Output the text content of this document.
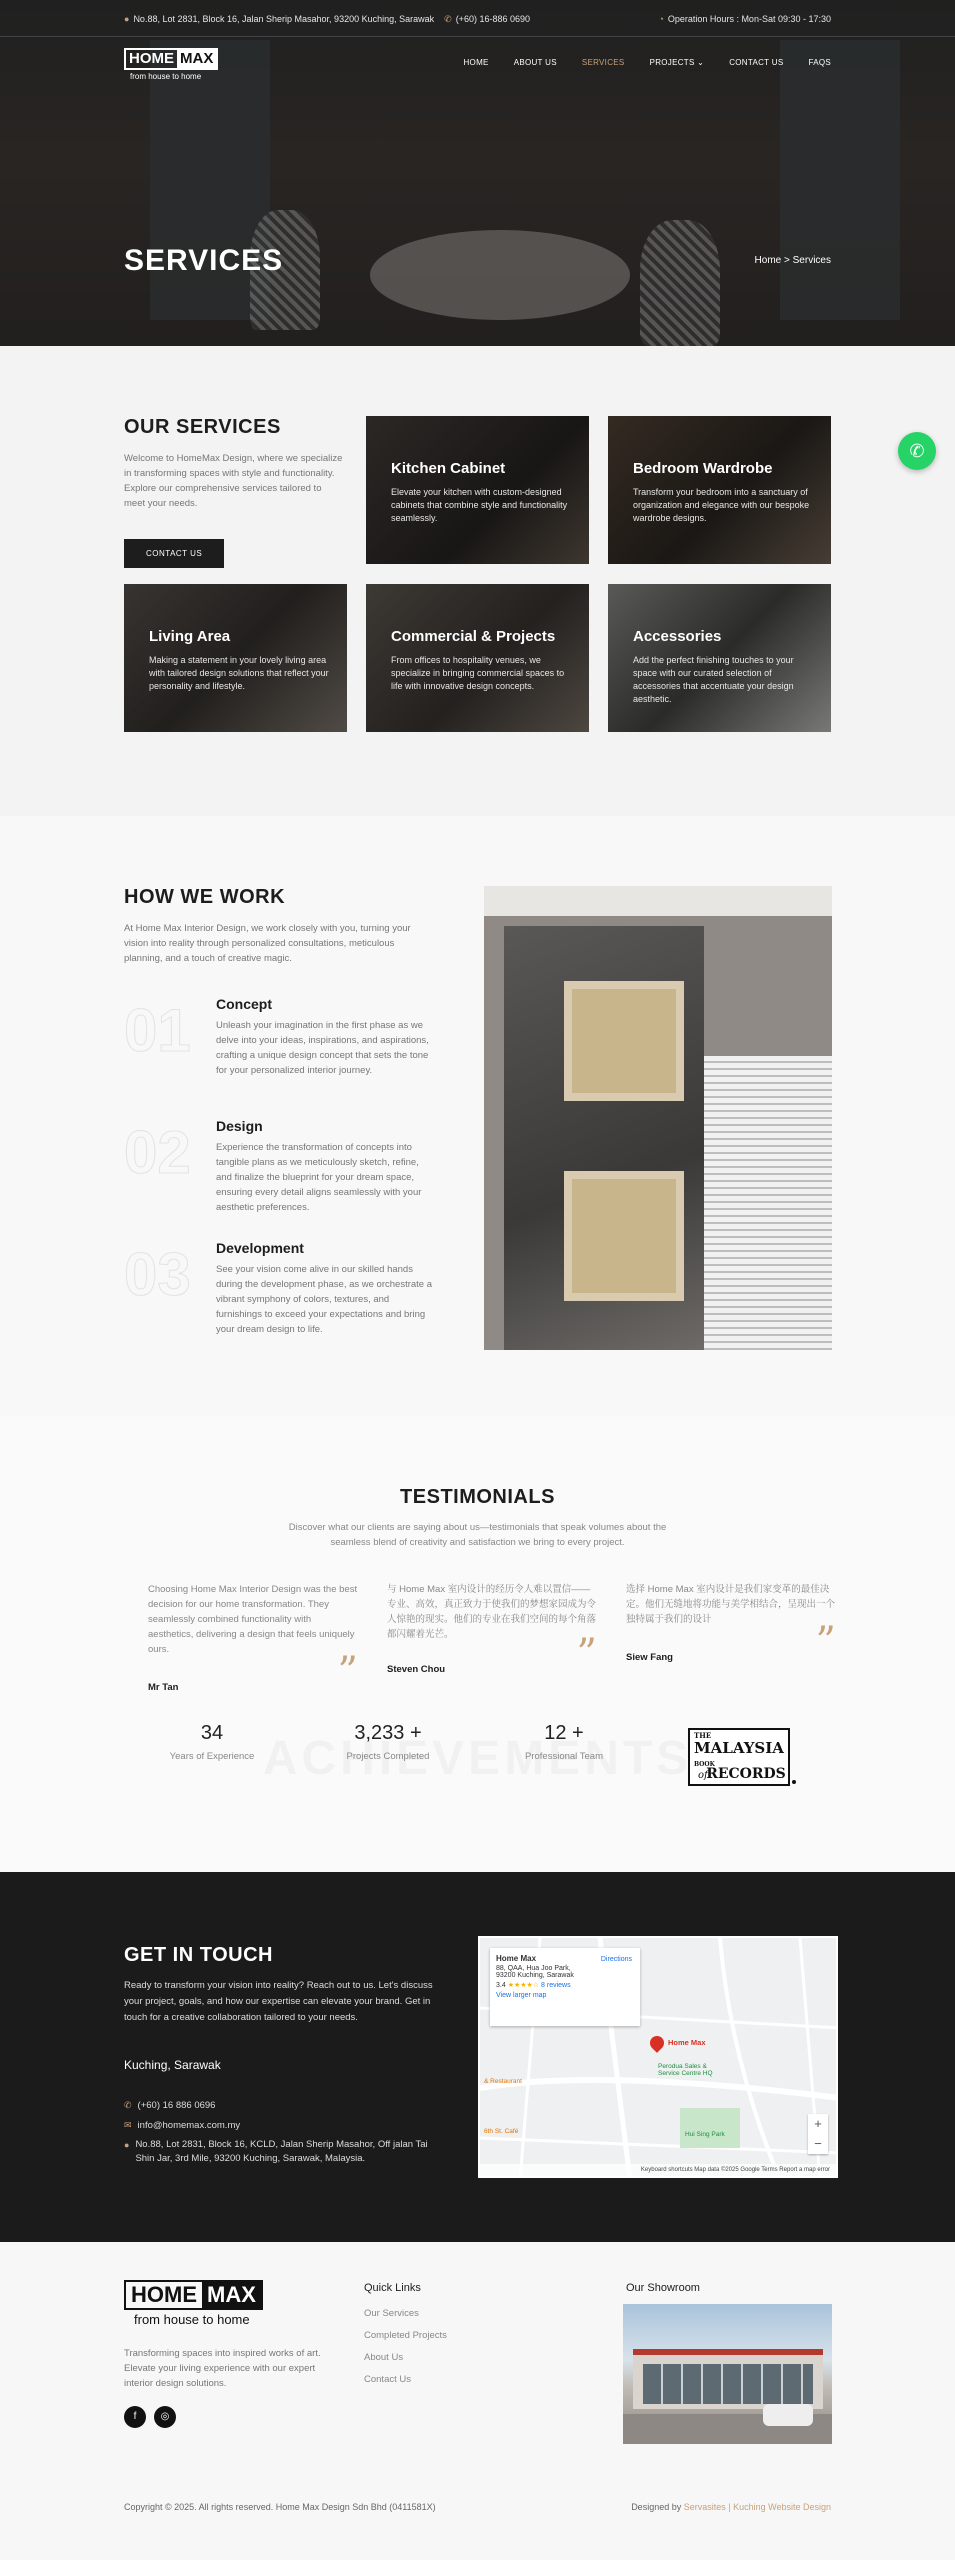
● No.88, Lot 2831, Block 16, Jalan Sherip Masahor, 93200 Kuching, Sarawak ✆ (+60) 16-886 0690	◔ Operation Hours : Mon-Sat 09:30 - 17:30
HOME MAX
from house to home
HOME	ABOUT US	SERVICES	PROJECTS ⌄	CONTACT US	FAQS
SERVICES	Home > Services
OUR SERVICES

Welcome to HomeMax Design, where we specialize in transforming spaces with style and functionality. Explore our comprehensive services tailored to meet your needs.

CONTACT US
Kitchen Cabinet
Elevate your kitchen with custom-designed cabinets that combine style and functionality seamlessly.
Bedroom Wardrobe
Transform your bedroom into a sanctuary of organization and elegance with our bespoke wardrobe designs.
Living Area
Making a statement in your lovely living area with tailored design solutions that reflect your personality and lifestyle.
Commercial & Projects
From offices to hospitality venues, we specialize in bringing commercial spaces to life with innovative design concepts.
Accessories
Add the perfect finishing touches to your space with our curated selection of accessories that accentuate your design aesthetic.
HOW WE WORK

At Home Max Interior Design, we work closely with you, turning your vision into reality through personalized consultations, meticulous planning, and a touch of creative magic.

01 Concept
Unleash your imagination in the first phase as we delve into your ideas, inspirations, and aspirations, crafting a unique design concept that sets the tone for your personalized interior journey.
02 Design
Experience the transformation of concepts into tangible plans as we meticulously sketch, refine, and finalize the blueprint for your dream space, ensuring every detail aligns seamlessly with your aesthetic preferences.
03 Development
See your vision come alive in our skilled hands during the development phase, as we orchestrate a vibrant symphony of colors, textures, and furnishings to exceed your expectations and bring your dream design to life.
TESTIMONIALS

Discover what our clients are saying about us—testimonials that speak volumes about the seamless blend of creativity and satisfaction we bring to every project.

Choosing Home Max Interior Design was the best decision for our home transformation. They seamlessly combined functionality with aesthetics, delivering a design that feels uniquely ours.
Mr Tan	”
与 Home Max 室内设计的经历令人难以置信——专业、高效，真正致力于使我们的梦想家园成为令人惊艳的现实。他们的专业在我们空间的每个角落都闪耀着光芒。
Steven Chou	”
选择 Home Max 室内设计是我们家变革的最佳决定。他们无缝地将功能与美学相结合，呈现出一个独特属于我们的设计
Siew Fang	”
34
Years of Experience
3,233 +
Projects Completed
12 +
Professional Team
THE
MALAYSIA
BOOK
of
RECORDS
GET IN TOUCH

Ready to transform your vision into reality? Reach out to us. Let's discuss your project, goals, and how our expertise can elevate your brand. Get in touch for a creative collaboration tailored to your needs.

Kuching, Sarawak
✆ (+60) 16 886 0696
✉ info@homemax.com.my
● No.88, Lot 2831, Block 16, KCLD, Jalan Sherip Masahor, Off jalan Tai Shin Jar, 3rd Mile, 93200 Kuching, Sarawak, Malaysia.
Home Max
88, QAA, Hua Joo Park, 93200 Kuching, Sarawak
3.4 ★★★★☆ 8 reviews
View larger map
Directions
Home Max
Perodua Sales & Service Centre HQ
Hui Sing Park
& Restaurant
6th St. Café
+
−
Keyboard shortcuts Map data ©2025 Google Terms Report a map error
HOME MAX
from house to home

Transforming spaces into inspired works of art. Elevate your living experience with our expert interior design solutions.

f	◎
Quick Links
Our Services
Completed Projects
About Us
Contact Us
Our Showroom
Copyright © 2025. All rights reserved. Home Max Design Sdn Bhd (0411581X)	Designed by Servasites | Kuching Website Design
✆
